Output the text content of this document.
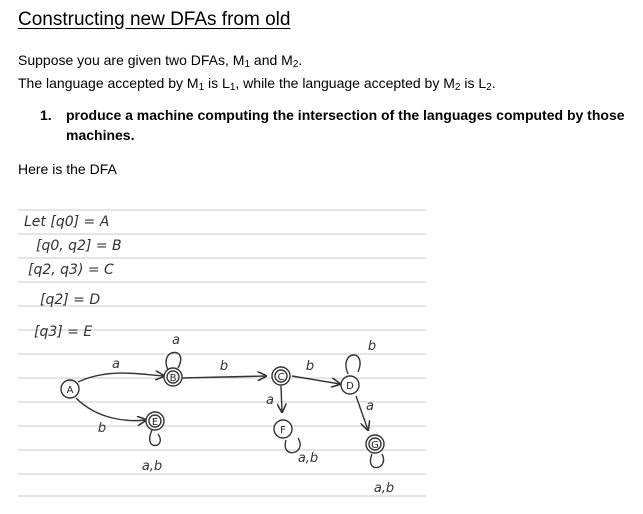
Constructing new DFAs from old
Suppose you are given two DFAs, $M_1$ and $M_2$.
The language accepted by $M_1$ is $L_1$, while the language accepted by $M_2$ is $L_2$.
1.	produce a machine computing the intersection of the languages computed by those machines.
Here is the DFA
Let [q0] = A
[q0, q2] = B
[q2, q3) = C
[q2] = D
[q3] = E
A
B	C
D
E
F
G
a
a
b	b
b
a	a
b
a,b
a,b
a,b
